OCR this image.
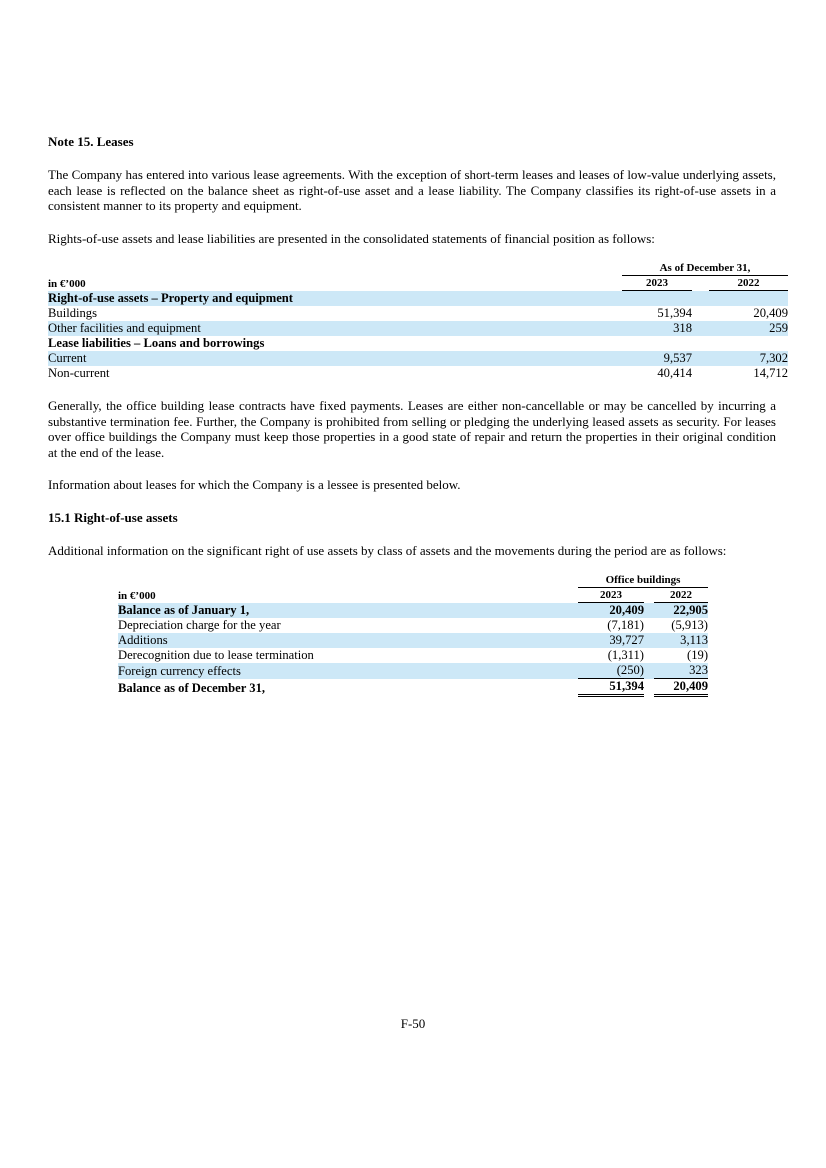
Note 15. Leases

The Company has entered into various lease agreements. With the exception of short-term leases and leases of low-value underlying assets, each lease is reflected on the balance sheet as right-of-use asset and a lease liability. The Company classifies its right-of-use assets in a consistent manner to its property and equipment.

Rights-of-use assets and lease liabilities are presented in the consolidated statements of financial position as follows:

	As of December 31,		
in €’000	2023		2022
Right-of-use assets – Property and equipment			
Buildings	51,394		20,409
Other facilities and equipment	318		259
Lease liabilities – Loans and borrowings			
Current	9,537		7,302
Non-current	40,414		14,712

Generally, the office building lease contracts have fixed payments. Leases are either non-cancellable or may be cancelled by incurring a substantive termination fee. Further, the Company is prohibited from selling or pledging the underlying leased assets as security. For leases over office buildings the Company must keep those properties in a good state of repair and return the properties in their original condition at the end of the lease.

Information about leases for which the Company is a lessee is presented below.

15.1 Right-of-use assets

Additional information on the significant right of use assets by class of assets and the movements during the period are as follows:

	Office buildings		
in €’000	2023		2022
Balance as of January 1,	20,409		22,905
Depreciation charge for the year	(7,181)		(5,913)
Additions	39,727		3,113
Derecognition due to lease termination	(1,311)		(19)
Foreign currency effects	(250)		323
Balance as of December 31,	51,394		20,409
F-50
